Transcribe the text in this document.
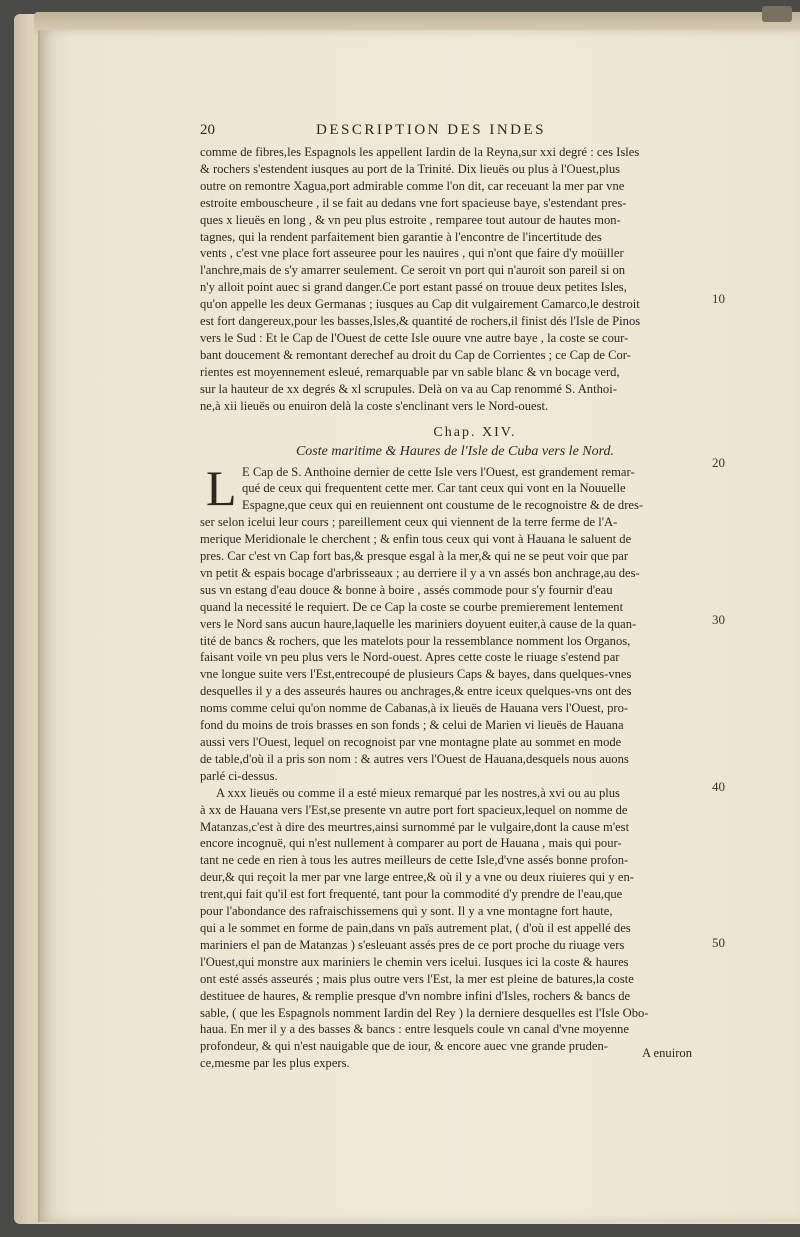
20	DESCRIPTION DES INDES
comme de fibres,les Espagnols les appellent Iardin de la Reyna,sur xxi degré : ces Isles
& rochers s'estendent iusques au port de la Trinité. Dix lieuës ou plus à l'Ouest,plus
outre on remontre Xagua,port admirable comme l'on dit, car receuant la mer par vne
estroite embouscheure , il se fait au dedans vne fort spacieuse baye, s'estendant pres-
ques x lieuës en long , & vn peu plus estroite , remparee tout autour de hautes mon-
tagnes, qui la rendent parfaitement bien garantie à l'encontre de l'incertitude des
vents , c'est vne place fort asseuree pour les nauires , qui n'ont que faire d'y moüiller
l'anchre,mais de s'y amarrer seulement. Ce seroit vn port qui n'auroit son pareil si on
n'y alloit point auec si grand danger.Ce port estant passé on trouue deux petites Isles,
qu'on appelle les deux Germanas ; iusques au Cap dit vulgairement Camarco,le destroit
est fort dangereux,pour les basses,Isles,& quantité de rochers,il finist dés l'Isle de Pinos
vers le Sud : Et le Cap de l'Ouest de cette Isle ouure vne autre baye , la coste se cour-
bant doucement & remontant derechef au droit du Cap de Corrientes ; ce Cap de Cor-
rientes est moyennement esleué, remarquable par vn sable blanc & vn bocage verd,
sur la hauteur de xx degrés & xl scrupules. Delà on va au Cap renommé S. Anthoi-
ne,à xii lieuës ou enuiron delà la coste s'enclinant vers le Nord-ouest.
Chap. XIV.
Coste maritime & Haures de l'Isle de Cuba vers le Nord.
L E Cap de S. Anthoine dernier de cette Isle vers l'Ouest, est grandement remar-
qué de ceux qui frequentent cette mer. Car tant ceux qui vont en la Nouuelle
Espagne,que ceux qui en reuiennent ont coustume de le recognoistre & de dres-
ser selon icelui leur cours ; pareillement ceux qui viennent de la terre ferme de l'A-
merique Meridionale le cherchent ; & enfin tous ceux qui vont à Hauana le saluent de
pres. Car c'est vn Cap fort bas,& presque esgal à la mer,& qui ne se peut voir que par
vn petit & espais bocage d'arbrisseaux ; au derriere il y a vn assés bon anchrage,au des-
sus vn estang d'eau douce & bonne à boire , assés commode pour s'y fournir d'eau
quand la necessité le requiert. De ce Cap la coste se courbe premierement lentement
vers le Nord sans aucun haure,laquelle les mariniers doyuent euiter,à cause de la quan-
tité de bancs & rochers, que les matelots pour la ressemblance nomment los Organos,
faisant voile vn peu plus vers le Nord-ouest. Apres cette coste le riuage s'estend par
vne longue suite vers l'Est,entrecoupé de plusieurs Caps & bayes, dans quelques-vnes
desquelles il y a des asseurés haures ou anchrages,& entre iceux quelques-vns ont des
noms comme celui qu'on nomme de Cabanas,à ix lieuës de Hauana vers l'Ouest, pro-
fond du moins de trois brasses en son fonds ; & celui de Marien vi lieuës de Hauana
aussi vers l'Ouest, lequel on recognoist par vne montagne plate au sommet en mode
de table,d'où il a pris son nom : & autres vers l'Ouest de Hauana,desquels nous auons
parlé ci-dessus.
A xxx lieuës ou comme il a esté mieux remarqué par les nostres,à xvi ou au plus
à xx de Hauana vers l'Est,se presente vn autre port fort spacieux,lequel on nomme de
Matanzas,c'est à dire des meurtres,ainsi surnommé par le vulgaire,dont la cause m'est
encore incognuë, qui n'est nullement à comparer au port de Hauana , mais qui pour-
tant ne cede en rien à tous les autres meilleurs de cette Isle,d'vne assés bonne profon-
deur,& qui reçoit la mer par vne large entree,& où il y a vne ou deux riuieres qui y en-
trent,qui fait qu'il est fort frequenté, tant pour la commodité d'y prendre de l'eau,que
pour l'abondance des rafraischissemens qui y sont. Il y a vne montagne fort haute,
qui a le sommet en forme de pain,dans vn païs autrement plat, ( d'où il est appellé des
mariniers el pan de Matanzas ) s'esleuant assés pres de ce port proche du riuage vers
l'Ouest,qui monstre aux mariniers le chemin vers icelui. Iusques ici la coste & haures
ont esté assés asseurés ; mais plus outre vers l'Est, la mer est pleine de batures,la coste
destituee de haures, & remplie presque d'vn nombre infini d'Isles, rochers & bancs de
sable, ( que les Espagnols nomment Iardin del Rey ) la derniere desquelles est l'Isle Obo-
haua. En mer il y a des basses & bancs : entre lesquels coule vn canal d'vne moyenne
profondeur, & qui n'est nauigable que de iour, & encore auec vne grande pruden-
ce,mesme par les plus expers.
10
20
30
40
50
A enuiron
